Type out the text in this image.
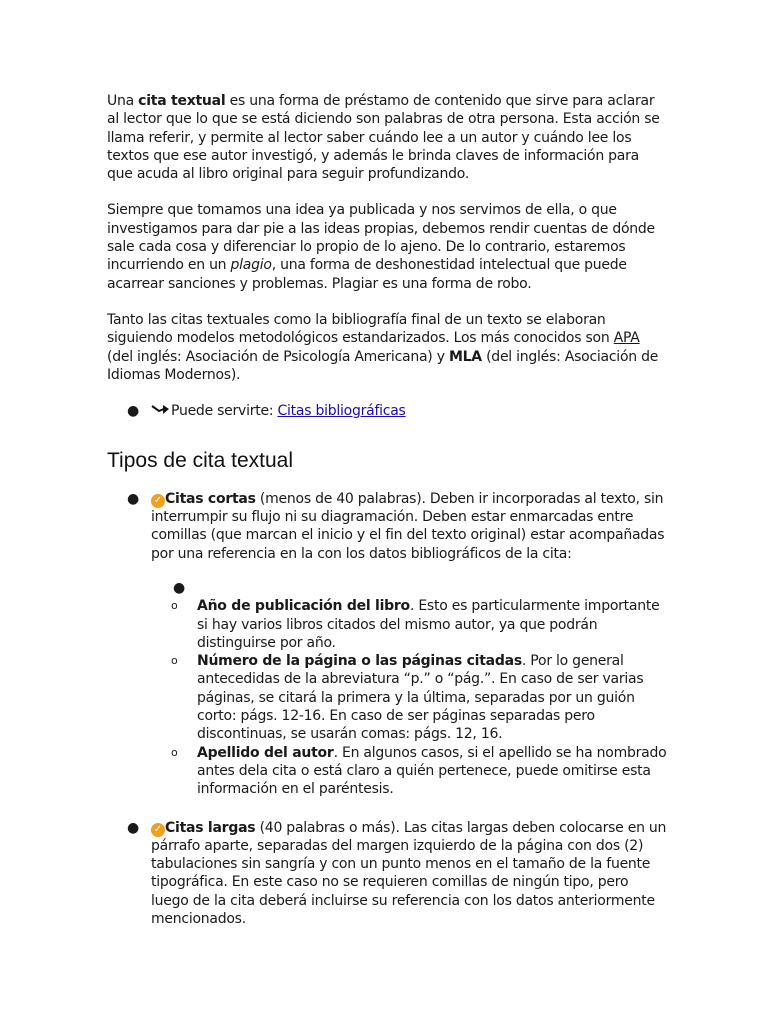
Una cita textual es una forma de préstamo de contenido que sirve para aclarar al lector que lo que se está diciendo son palabras de otra persona. Esta acción se llama referir, y permite al lector saber cuándo lee a un autor y cuándo lee los textos que ese autor investigó, y además le brinda claves de información para que acuda al libro original para seguir profundizando.

Siempre que tomamos una idea ya publicada y nos servimos de ella, o que investigamos para dar pie a las ideas propias, debemos rendir cuentas de dónde sale cada cosa y diferenciar lo propio de lo ajeno. De lo contrario, estaremos incurriendo en un plagio, una forma de deshonestidad intelectual que puede acarrear sanciones y problemas. Plagiar es una forma de robo.

Tanto las citas textuales como la bibliografía final de un texto se elaboran siguiendo modelos metodológicos estandarizados. Los más conocidos son APA (del inglés: Asociación de Psicología Americana) y MLA (del inglés: Asociación de Idiomas Modernos).

● Puede servirte: Citas bibliográficas
Tipos de cita textual
● ✓ Citas cortas (menos de 40 palabras). Deben ir incorporadas al texto, sin interrumpir su flujo ni su diagramación. Deben estar enmarcadas entre comillas (que marcan el inicio y el fin del texto original) estar acompañadas por una referencia en la con los datos bibliográficos de la cita:
●

o Año de publicación del libro. Esto es particularmente importante si hay varios libros citados del mismo autor, ya que podrán distinguirse por año.
o Número de la página o las páginas citadas. Por lo general antecedidas de la abreviatura “p.” o “pág.”. En caso de ser varias páginas, se citará la primera y la última, separadas por un guión corto: págs. 12-16. En caso de ser páginas separadas pero discontinuas, se usarán comas: págs. 12, 16.
o Apellido del autor. En algunos casos, si el apellido se ha nombrado antes dela cita o está claro a quién pertenece, puede omitirse esta información en el paréntesis.
● ✓ Citas largas (40 palabras o más). Las citas largas deben colocarse en un párrafo aparte, separadas del margen izquierdo de la página con dos (2) tabulaciones sin sangría y con un punto menos en el tamaño de la fuente tipográfica. En este caso no se requieren comillas de ningún tipo, pero luego de la cita deberá incluirse su referencia con los datos anteriormente mencionados.
